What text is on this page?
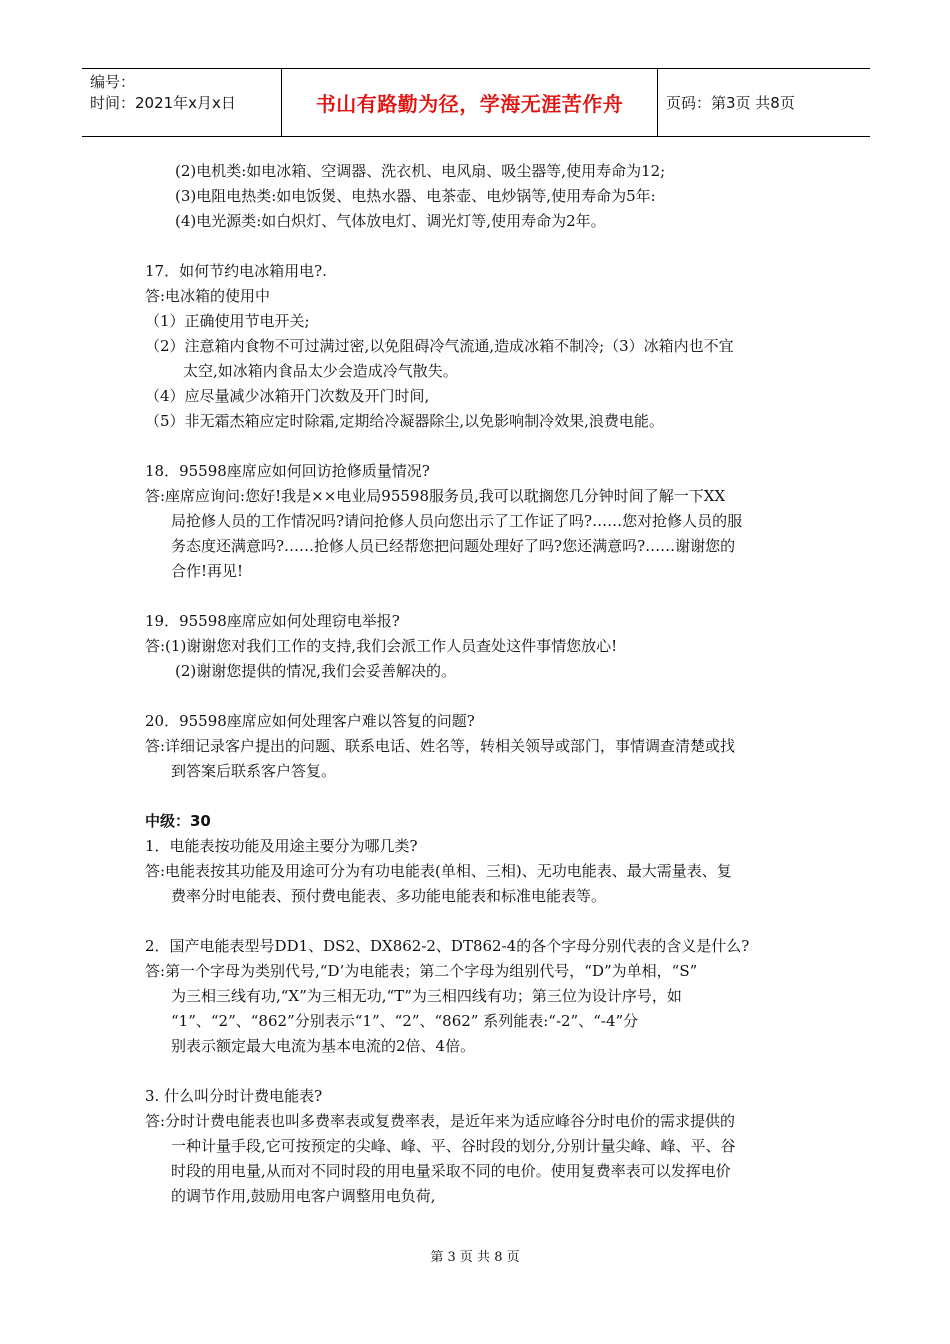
编号：
时间：2021年x月x日	书山有路勤为径，学海无涯苦作舟	页码：第3页 共8页
(2)电机类:如电冰箱、空调器、洗衣机、电风扇、吸尘器等,使用寿命为12;
(3)电阻电热类:如电饭煲、电热水器、电茶壶、电炒锅等,使用寿命为5年:
(4)电光源类:如白炽灯、气体放电灯、调光灯等,使用寿命为2年。
17．如何节约电冰箱用电?.
答:电冰箱的使用中
（1）正确使用节电开关;
（2）注意箱内食物不可过满过密,以免阻碍冷气流通,造成冰箱不制冷;（3）冰箱内也不宜
太空,如冰箱内食品太少会造成冷气散失。
（4）应尽量减少冰箱开门次数及开门时间,
（5）非无霜杰箱应定时除霜,定期给冷凝器除尘,以免影响制冷效果,浪费电能。
18．95598座席应如何回访抢修质量情况?
答:座席应询问:您好!我是××电业局95598服务员,我可以耽搁您几分钟时间了解一下XX
局抢修人员的工作情况吗?请问抢修人员向您出示了工作证了吗?……您对抢修人员的服
务态度还满意吗?……抢修人员已经帮您把问题处理好了吗?您还满意吗?……谢谢您的
合作!再见!
19．95598座席应如何处理窃电举报?
答:(1)谢谢您对我们工作的支持,我们会派工作人员查处这件事情您放心!
(2)谢谢您提供的情况,我们会妥善解决的。
20．95598座席应如何处理客户难以答复的问题?
答:详细记录客户提出的问题、联系电话、姓名等，转相关领导或部门，事情调查清楚或找
到答案后联系客户答复。
中级：30
1．电能表按功能及用途主要分为哪几类?
答:电能表按其功能及用途可分为有功电能表(单相、三相)、无功电能表、最大需量表、复
费率分时电能表、预付费电能表、多功能电能表和标准电能表等。
2．国产电能表型号DD1、DS2、DX862-2、DT862-4的各个字母分别代表的含义是什么?
答:第一个字母为类别代号,“D’为电能表；第二个字母为组别代号，“D”为单相，“S”
为三相三线有功,“X”为三相无功,“T”为三相四线有功；第三位为设计序号，如
“1”、“2”、“862”分别表示“1”、“2”、“862” 系列能表:“-2”、“-4”分
别表示额定最大电流为基本电流的2倍、4倍。
3. 什么叫分时计费电能表?
答:分时计费电能表也叫多费率表或复费率表，是近年来为适应峰谷分时电价的需求提供的
一种计量手段,它可按预定的尖峰、峰、平、谷时段的划分,分别计量尖峰、峰、平、谷
时段的用电量,从而对不同时段的用电量采取不同的电价。使用复费率表可以发挥电价
的调节作用,鼓励用电客户调整用电负荷,
第 3 页 共 8 页
